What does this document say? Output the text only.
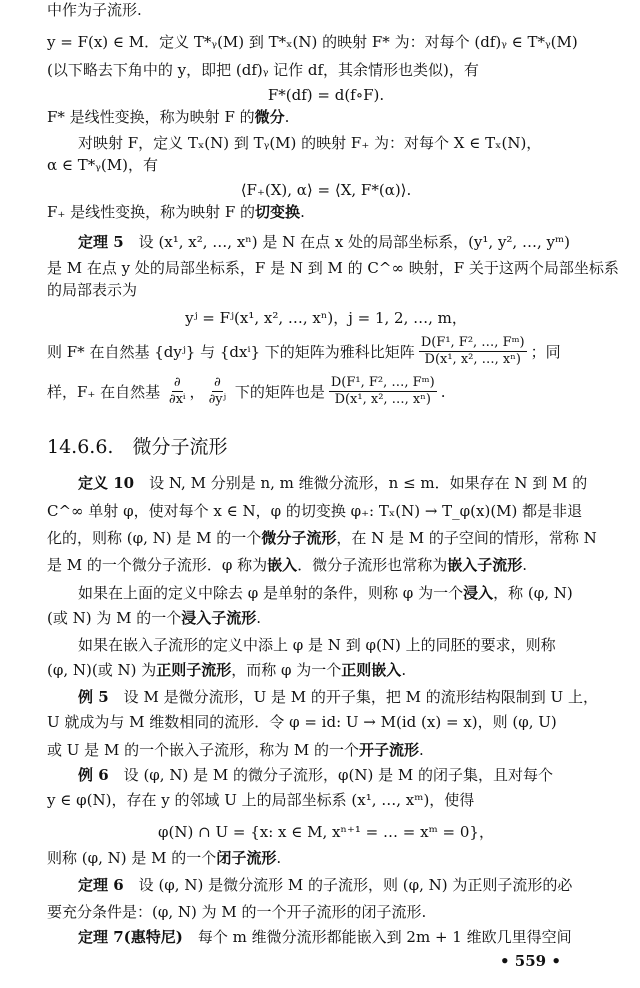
y = F(x) ∈ M．定义 T*ᵧ(M) 到 T*ₓ(N) 的映射 F* 为：对每个 (df)ᵧ ∈ T*ᵧ(M)
(以下略去下角中的 y，即把 (df)ᵧ 记作 df，其余情形也类似)，有
F*(df) = d(f∘F).
F* 是线性变换，称为映射 F 的 微分 .
对映射 F，定义 Tₓ(N) 到 Tᵧ(M) 的映射 F₊ 为：对每个 X ∈ Tₓ(N)，
α ∈ T*ᵧ(M)，有
⟨F₊(X), α⟩ = ⟨X, F*(α)⟩.
F₊ 是线性变换，称为映射 F 的 切变换 .
定理 5 　设 (x¹, x², …, xⁿ) 是 N 在点 x 处的局部坐标系，(y¹, y², …, yᵐ)
是 M 在点 y 处的局部坐标系，F 是 N 到 M 的 C^∞ 映射，F 关于这两个局部坐标系
的局部表示为
yʲ = Fʲ(x¹, x², …, xⁿ)，j = 1, 2, …, m，
则 F* 在自然基 {dyʲ} 与 {dxⁱ} 下的矩阵为雅科比矩阵 $\frac{\text{D(F¹, F², …, Fᵐ)}}{\text{D(x¹, x², …, xⁿ)}}$ ；同
样，F₊ 在自然基 $\frac{\partial}{\text{∂xⁱ}}$ ， $\frac{\partial}{\text{∂yʲ}}$ 下的矩阵也是 $\frac{\text{D(F¹, F², …, Fᵐ)}}{\text{D(x¹, x², …, xⁿ)}}$ .
14.6.6.　微分子流形
定义 10 　设 N, M 分别是 n, m 维微分流形，n ≤ m．如果存在 N 到 M 的
C^∞ 单射 φ，使对每个 x ∈ N，φ 的切变换 φ₊: Tₓ(N) → T_φ(x)(M) 都是非退
化的，则称 (φ, N) 是 M 的一个 微分子流形 ，在 N 是 M 的子空间的情形，常称 N
是 M 的一个微分子流形．φ 称为 嵌入 ．微分子流形也常称为 嵌入子流形 .
如果在上面的定义中除去 φ 是单射的条件，则称 φ 为一个 浸入 ，称 (φ, N)
(或 N) 为 M 的一个 浸入子流形 .
如果在嵌入子流形的定义中添上 φ 是 N 到 φ(N) 上的同胚的要求，则称
(φ, N)(或 N) 为 正则子流形 ，而称 φ 为一个 正则嵌入 .
例 5 　设 M 是微分流形，U 是 M 的开子集，把 M 的流形结构限制到 U 上，
U 就成为与 M 维数相同的流形．令 φ = id: U → M(id (x) = x)，则 (φ, U)
或 U 是 M 的一个嵌入子流形，称为 M 的一个 开子流形 .
例 6 　设 (φ, N) 是 M 的微分子流形，φ(N) 是 M 的闭子集，且对每个
y ∈ φ(N)，存在 y 的邻域 U 上的局部坐标系 (x¹, …, xᵐ)，使得
φ(N) ∩ U = {x: x ∈ M, xⁿ⁺¹ = … = xᵐ = 0}，
则称 (φ, N) 是 M 的一个 闭子流形 .
定理 6 　设 (φ, N) 是微分流形 M 的子流形，则 (φ, N) 为正则子流形的必
要充分条件是：(φ, N) 为 M 的一个开子流形的闭子流形.
定理 7 (惠特尼) 　每个 m 维微分流形都能嵌入到 2m + 1 维欧几里得空间
中作为子流形.
• 559 •
